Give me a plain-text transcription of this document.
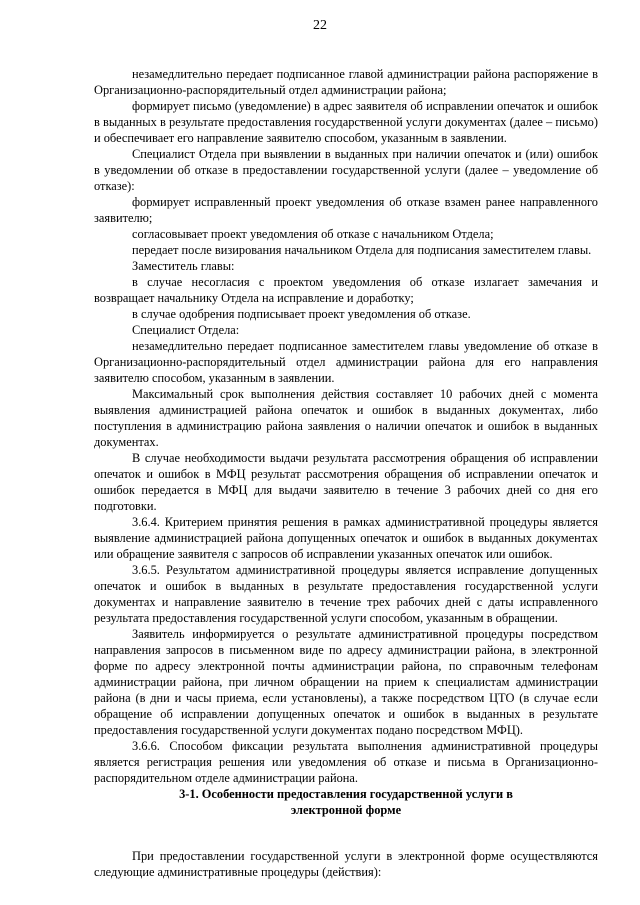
22

незамедлительно передает подписанное главой администрации района распоряжение в Организационно-распорядительный отдел администрации района;

формирует письмо (уведомление) в адрес заявителя об исправлении опечаток и ошибок в выданных в результате предоставления государственной услуги документах (далее – письмо) и обеспечивает его направление заявителю способом, указанным в заявлении.

Специалист Отдела при выявлении в выданных при наличии опечаток и (или) ошибок в уведомлении об отказе в предоставлении государственной услуги (далее – уведомление об отказе):

формирует исправленный проект уведомления об отказе взамен ранее направленного заявителю;

согласовывает проект уведомления об отказе с начальником Отдела;

передает после визирования начальником Отдела для подписания заместителем главы.

Заместитель главы:

в случае несогласия с проектом уведомления об отказе излагает замечания и возвращает начальнику Отдела на исправление и доработку;

в случае одобрения подписывает проект уведомления об отказе.

Специалист Отдела:

незамедлительно передает подписанное заместителем главы уведомление об отказе в Организационно-распорядительный отдел администрации района для его направления заявителю способом, указанным в заявлении.

Максимальный срок выполнения действия составляет 10 рабочих дней с момента выявления администрацией района опечаток и ошибок в выданных документах, либо поступления в администрацию района заявления о наличии опечаток и ошибок в выданных документах.

В случае необходимости выдачи результата рассмотрения обращения об исправлении опечаток и ошибок в МФЦ результат рассмотрения обращения об исправлении опечаток и ошибок передается в МФЦ для выдачи заявителю в течение 3 рабочих дней со дня его подготовки.

3.6.4. Критерием принятия решения в рамках административной процедуры является выявление администрацией района допущенных опечаток и ошибок в выданных документах или обращение заявителя с запросов об исправлении указанных опечаток или ошибок.

3.6.5. Результатом административной процедуры является исправление допущенных опечаток и ошибок в выданных в результате предоставления государственной услуги документах и направление заявителю в течение трех рабочих дней с даты исправленного результата предоставления государственной услуги способом, указанным в обращении.

Заявитель информируется о результате административной процедуры посредством направления запросов в письменном виде по адресу администрации района, в электронной форме по адресу электронной почты администрации района, по справочным телефонам администрации района, при личном обращении на прием к специалистам администрации района (в дни и часы приема, если установлены), а также посредством ЦТО (в случае если обращение об исправлении допущенных опечаток и ошибок в выданных в результате предоставления государственной услуги документах подано посредством МФЦ).

3.6.6. Способом фиксации результата выполнения административной процедуры является регистрация решения или уведомления об отказе и письма в Организационно-распорядительном отделе администрации района.

3-1. Особенности предоставления государственной услуги в электронной форме

При предоставлении государственной услуги в электронной форме осуществляются следующие административные процедуры (действия):
